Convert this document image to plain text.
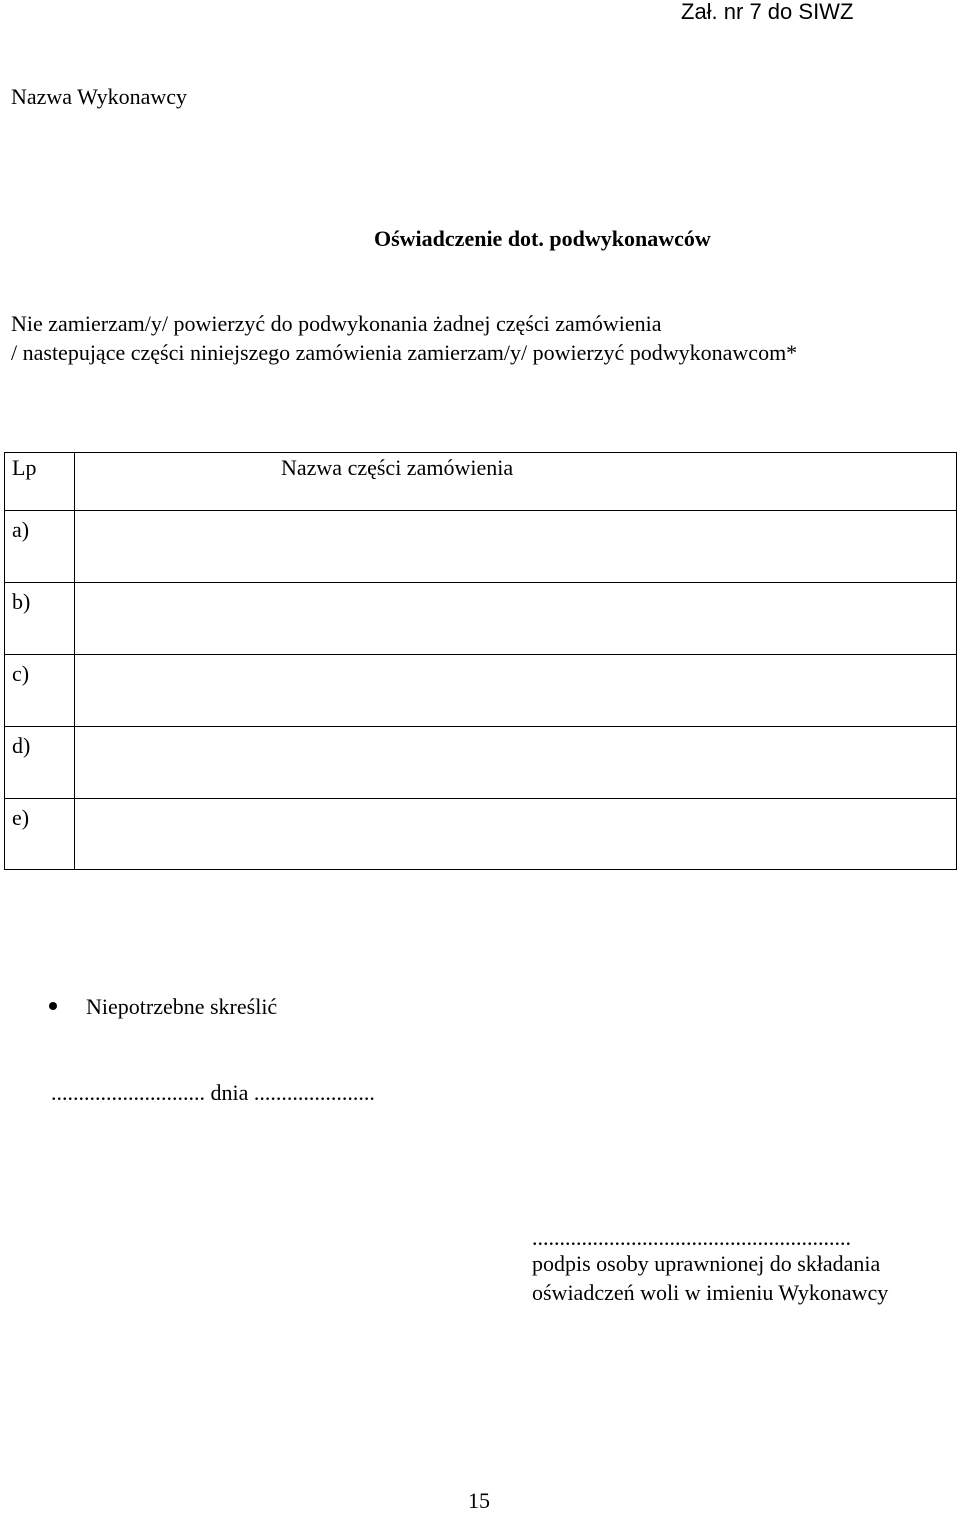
Zał. nr 7 do SIWZ
Nazwa Wykonawcy
Oświadczenie dot. podwykonawców
Nie zamierzam/y/ powierzyć do podwykonania żadnej części zamówienia
/ nastepujące części niniejszego zamówienia zamierzam/y/ powierzyć podwykonawcom*
Lp	Nazwa części zamówienia
a)	
b)	
c)	
d)	
e)	
Niepotrzebne skreślić
............................ dnia ......................
..........................................................
podpis osoby uprawnionej do składania
oświadczeń woli w imieniu Wykonawcy
15
